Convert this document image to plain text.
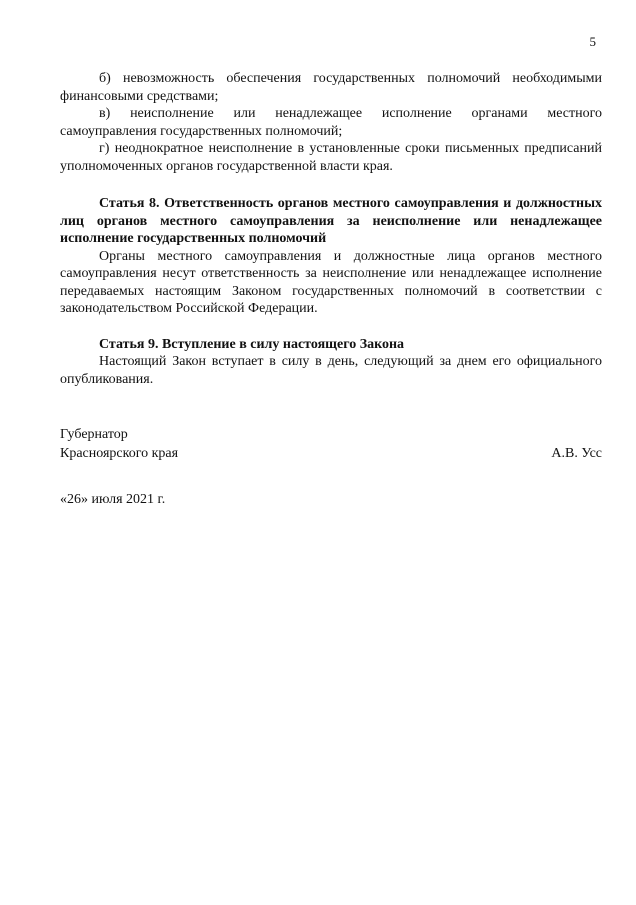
5

б) невозможность обеспечения государственных полномочий необходимыми финансовыми средствами;

в) неисполнение или ненадлежащее исполнение органами местного самоуправления государственных полномочий;

г) неоднократное неисполнение в установленные сроки письменных предписаний уполномоченных органов государственной власти края.

Статья 8. Ответственность органов местного самоуправления и должностных лиц органов местного самоуправления за неисполнение или ненадлежащее исполнение государственных полномочий

Органы местного самоуправления и должностные лица органов местного самоуправления несут ответственность за неисполнение или ненадлежащее исполнение передаваемых настоящим Законом государственных полномочий в соответствии с законодательством Российской Федерации.

Статья 9. Вступление в силу настоящего Закона

Настоящий Закон вступает в силу в день, следующий за днем его официального опубликования.

Губернатор
Красноярского края	А.В. Усс
«26» июля 2021 г.
